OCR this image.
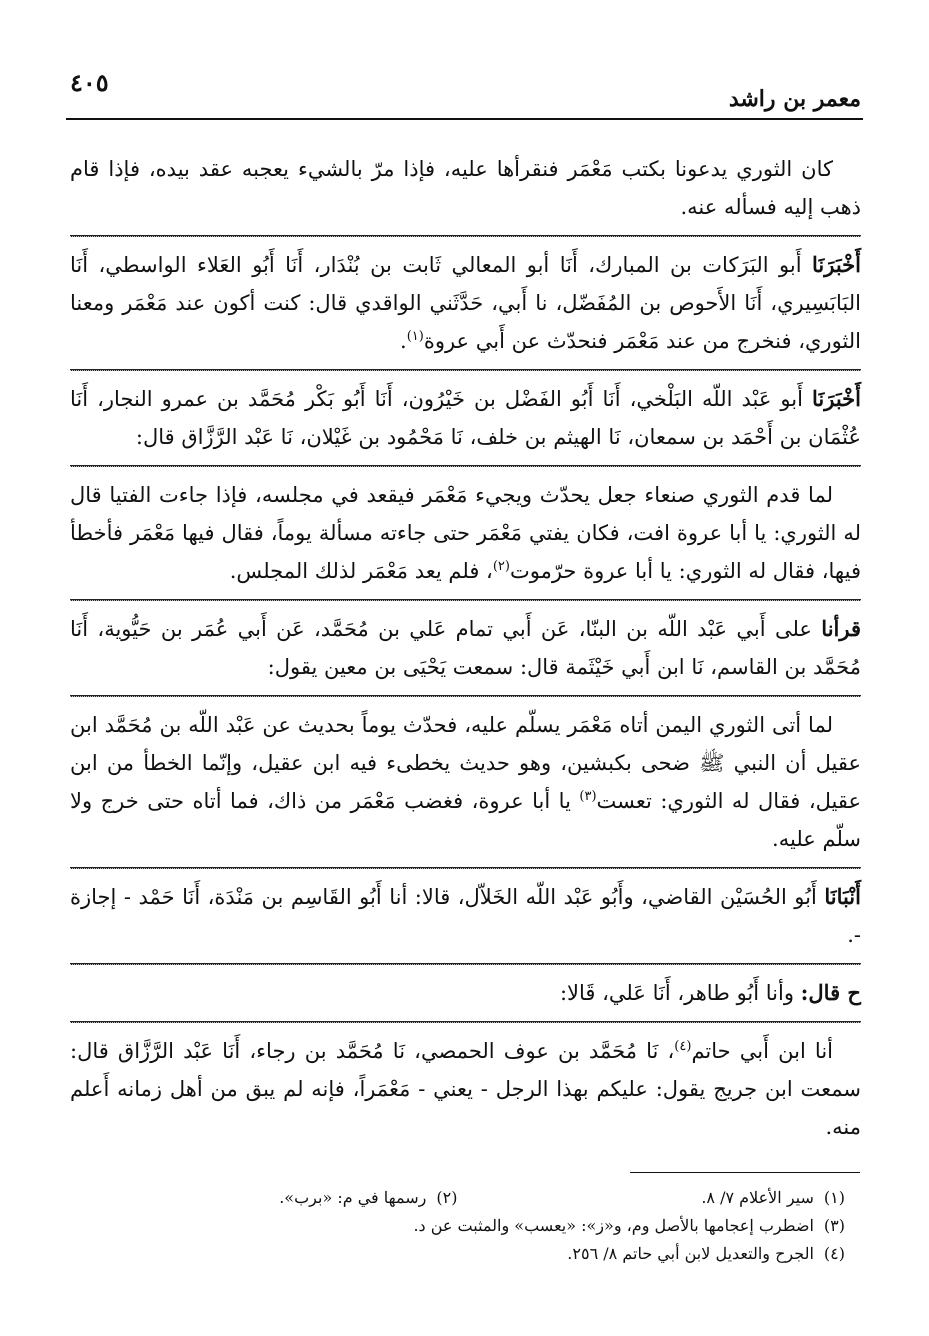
٤٠٥
معمر بن راشد

كان الثوري يدعونا بكتب مَعْمَر فنقرأها عليه، فإذا مرّ بالشيء يعجبه عقد بيده، فإذا قام ذهب إليه فسأله عنه.

أَخْبَرَنَا أَبو البَرَكات بن المبارك، أَنَا أبو المعالي ثَابت بن بُنْدَار، أَنَا أَبُو العَلاء الواسطي، أَنَا البَابَسِيري، أَنَا الأَحوص بن المُفَضّل، نا أَبي، حَدَّثَني الواقدي قال: كنت أكون عند مَعْمَر ومعنا الثوري، فنخرج من عند مَعْمَر فنحدّث عن أَبي عروة$^{(١)}$.

أَخْبَرَنَا أَبو عَبْد اللّه البَلْخي، أَنَا أَبُو الفَضْل بن خَيْرُون، أَنَا أَبُو بَكْر مُحَمَّد بن عمرو النجار، أَنَا عُثْمَان بن أَحْمَد بن سمعان، نَا الهيثم بن خلف، نَا مَحْمُود بن غَيْلان، نَا عَبْد الرَّزَّاق قال:

لما قدم الثوري صنعاء جعل يحدّث ويجيء مَعْمَر فيقعد في مجلسه، فإذا جاءت الفتيا قال له الثوري: يا أبا عروة افت، فكان يفتي مَعْمَر حتى جاءته مسألة يوماً، فقال فيها مَعْمَر فأخطأ فيها، فقال له الثوري: يا أبا عروة حرّموت$^{(٢)}$، فلم يعد مَعْمَر لذلك المجلس.

قرأنا على أَبي عَبْد اللّه بن البنّا، عَن أَبي تمام عَلي بن مُحَمَّد، عَن أَبي عُمَر بن حَيُّوية، أَنَا مُحَمَّد بن القاسم، نَا ابن أَبي خَيْثَمة قال: سمعت يَحْيَى بن معين يقول:

لما أتى الثوري اليمن أتاه مَعْمَر يسلّم عليه، فحدّث يوماً بحديث عن عَبْد اللّه بن مُحَمَّد ابن عقيل أن النبي ﷺ ضحى بكبشين، وهو حديث يخطىء فيه ابن عقيل، وإنّما الخطأ من ابن عقيل، فقال له الثوري: تعست$^{(٣)}$ يا أبا عروة، فغضب مَعْمَر من ذاك، فما أتاه حتى خرج ولا سلّم عليه.

أَنْبَانَا أَبُو الحُسَيْن القاضي، وأَبُو عَبْد اللّه الخَلاّل، قالا: أنا أَبُو القَاسِم بن مَنْدَة، أَنَا حَمْد - إجازة -.

ح قال: وأنا أَبُو طاهر، أَنَا عَلي، قَالا:

أنا ابن أَبي حاتم$^{(٤)}$، نَا مُحَمَّد بن عوف الحمصي، نَا مُحَمَّد بن رجاء، أَنَا عَبْد الرَّزَّاق قال: سمعت ابن جريج يقول: عليكم بهذا الرجل - يعني - مَعْمَراً، فإنه لم يبق من أهل زمانه أَعلم منه.

(١)سير الأعلام ٧/ ٨.
(٢)رسمها في م: «برب».
(٣)اضطرب إعجامها بالأصل وم، و«ز»: «يعسب» والمثبت عن د.
(٤)الجرح والتعديل لابن أبي حاتم ٨/ ٢٥٦.
